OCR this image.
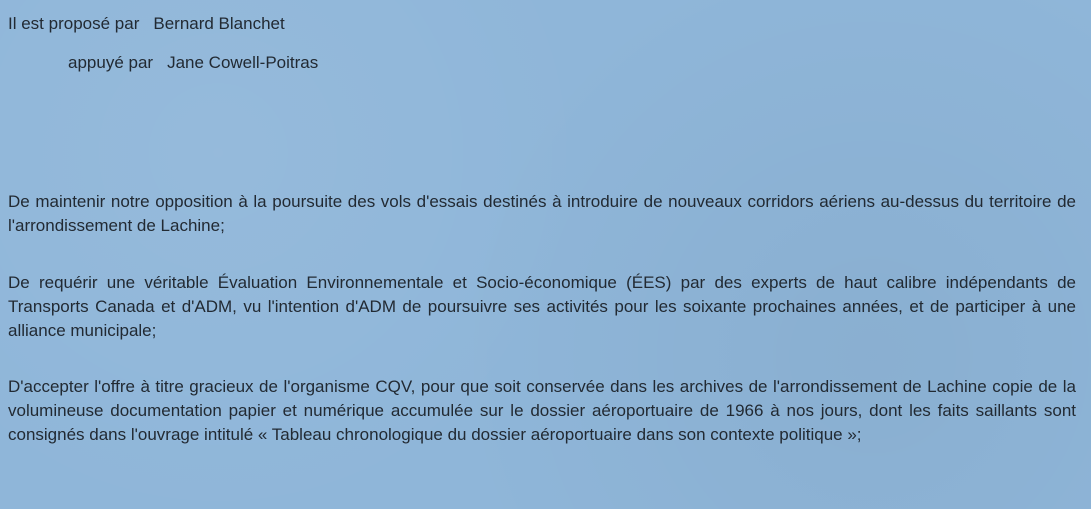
Il est proposé par Bernard Blanchet
appuyé par Jane Cowell-Poitras

De maintenir notre opposition à la poursuite des vols d'essais destinés à introduire de nouveaux corridors aériens au-dessus du territoire de l'arrondissement de Lachine;

De requérir une véritable Évaluation Environnementale et Socio-économique (ÉES) par des experts de haut calibre indépendants de Transports Canada et d'ADM, vu l'intention d'ADM de poursuivre ses activités pour les soixante prochaines années, et de participer à une alliance municipale;

D'accepter l'offre à titre gracieux de l'organisme CQV, pour que soit conservée dans les archives de l'arrondissement de Lachine copie de la volumineuse documentation papier et numérique accumulée sur le dossier aéroportuaire de 1966 à nos jours, dont les faits saillants sont consignés dans l'ouvrage intitulé « Tableau chronologique du dossier aéroportuaire dans son contexte politique »;
